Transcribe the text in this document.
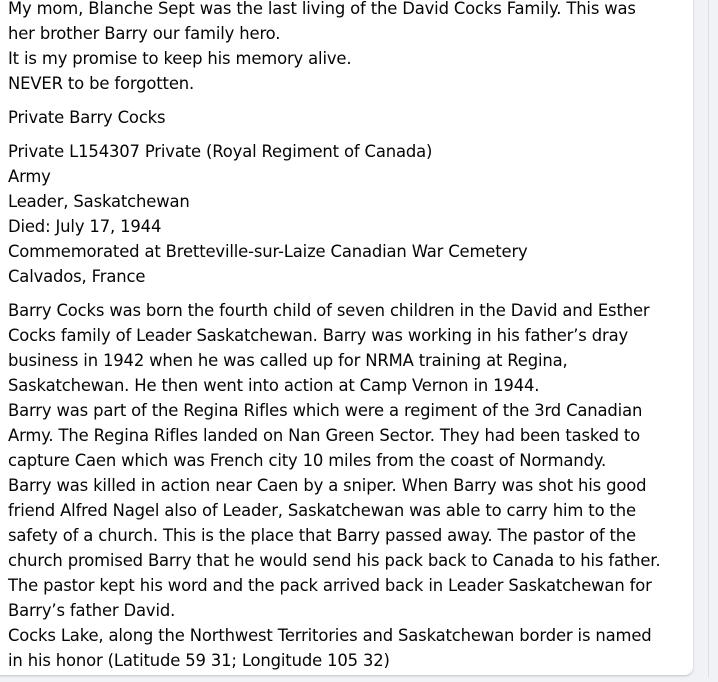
My mom, Blanche Sept was the last living of the David Cocks Family. This was
her brother Barry our family hero.
It is my promise to keep his memory alive.
NEVER to be forgotten.
Private Barry Cocks
Private L154307 Private (Royal Regiment of Canada)
Army
Leader, Saskatchewan
Died: July 17, 1944
Commemorated at Bretteville-sur-Laize Canadian War Cemetery
Calvados, France
Barry Cocks was born the fourth child of seven children in the David and Esther
Cocks family of Leader Saskatchewan. Barry was working in his father’s dray
business in 1942 when he was called up for NRMA training at Regina,
Saskatchewan. He then went into action at Camp Vernon in 1944.
Barry was part of the Regina Rifles which were a regiment of the 3rd Canadian
Army. The Regina Rifles landed on Nan Green Sector. They had been tasked to
capture Caen which was French city 10 miles from the coast of Normandy.
Barry was killed in action near Caen by a sniper. When Barry was shot his good
friend Alfred Nagel also of Leader, Saskatchewan was able to carry him to the
safety of a church. This is the place that Barry passed away. The pastor of the
church promised Barry that he would send his pack back to Canada to his father.
The pastor kept his word and the pack arrived back in Leader Saskatchewan for
Barry’s father David.
Cocks Lake, along the Northwest Territories and Saskatchewan border is named
in his honor (Latitude 59 31; Longitude 105 32)
